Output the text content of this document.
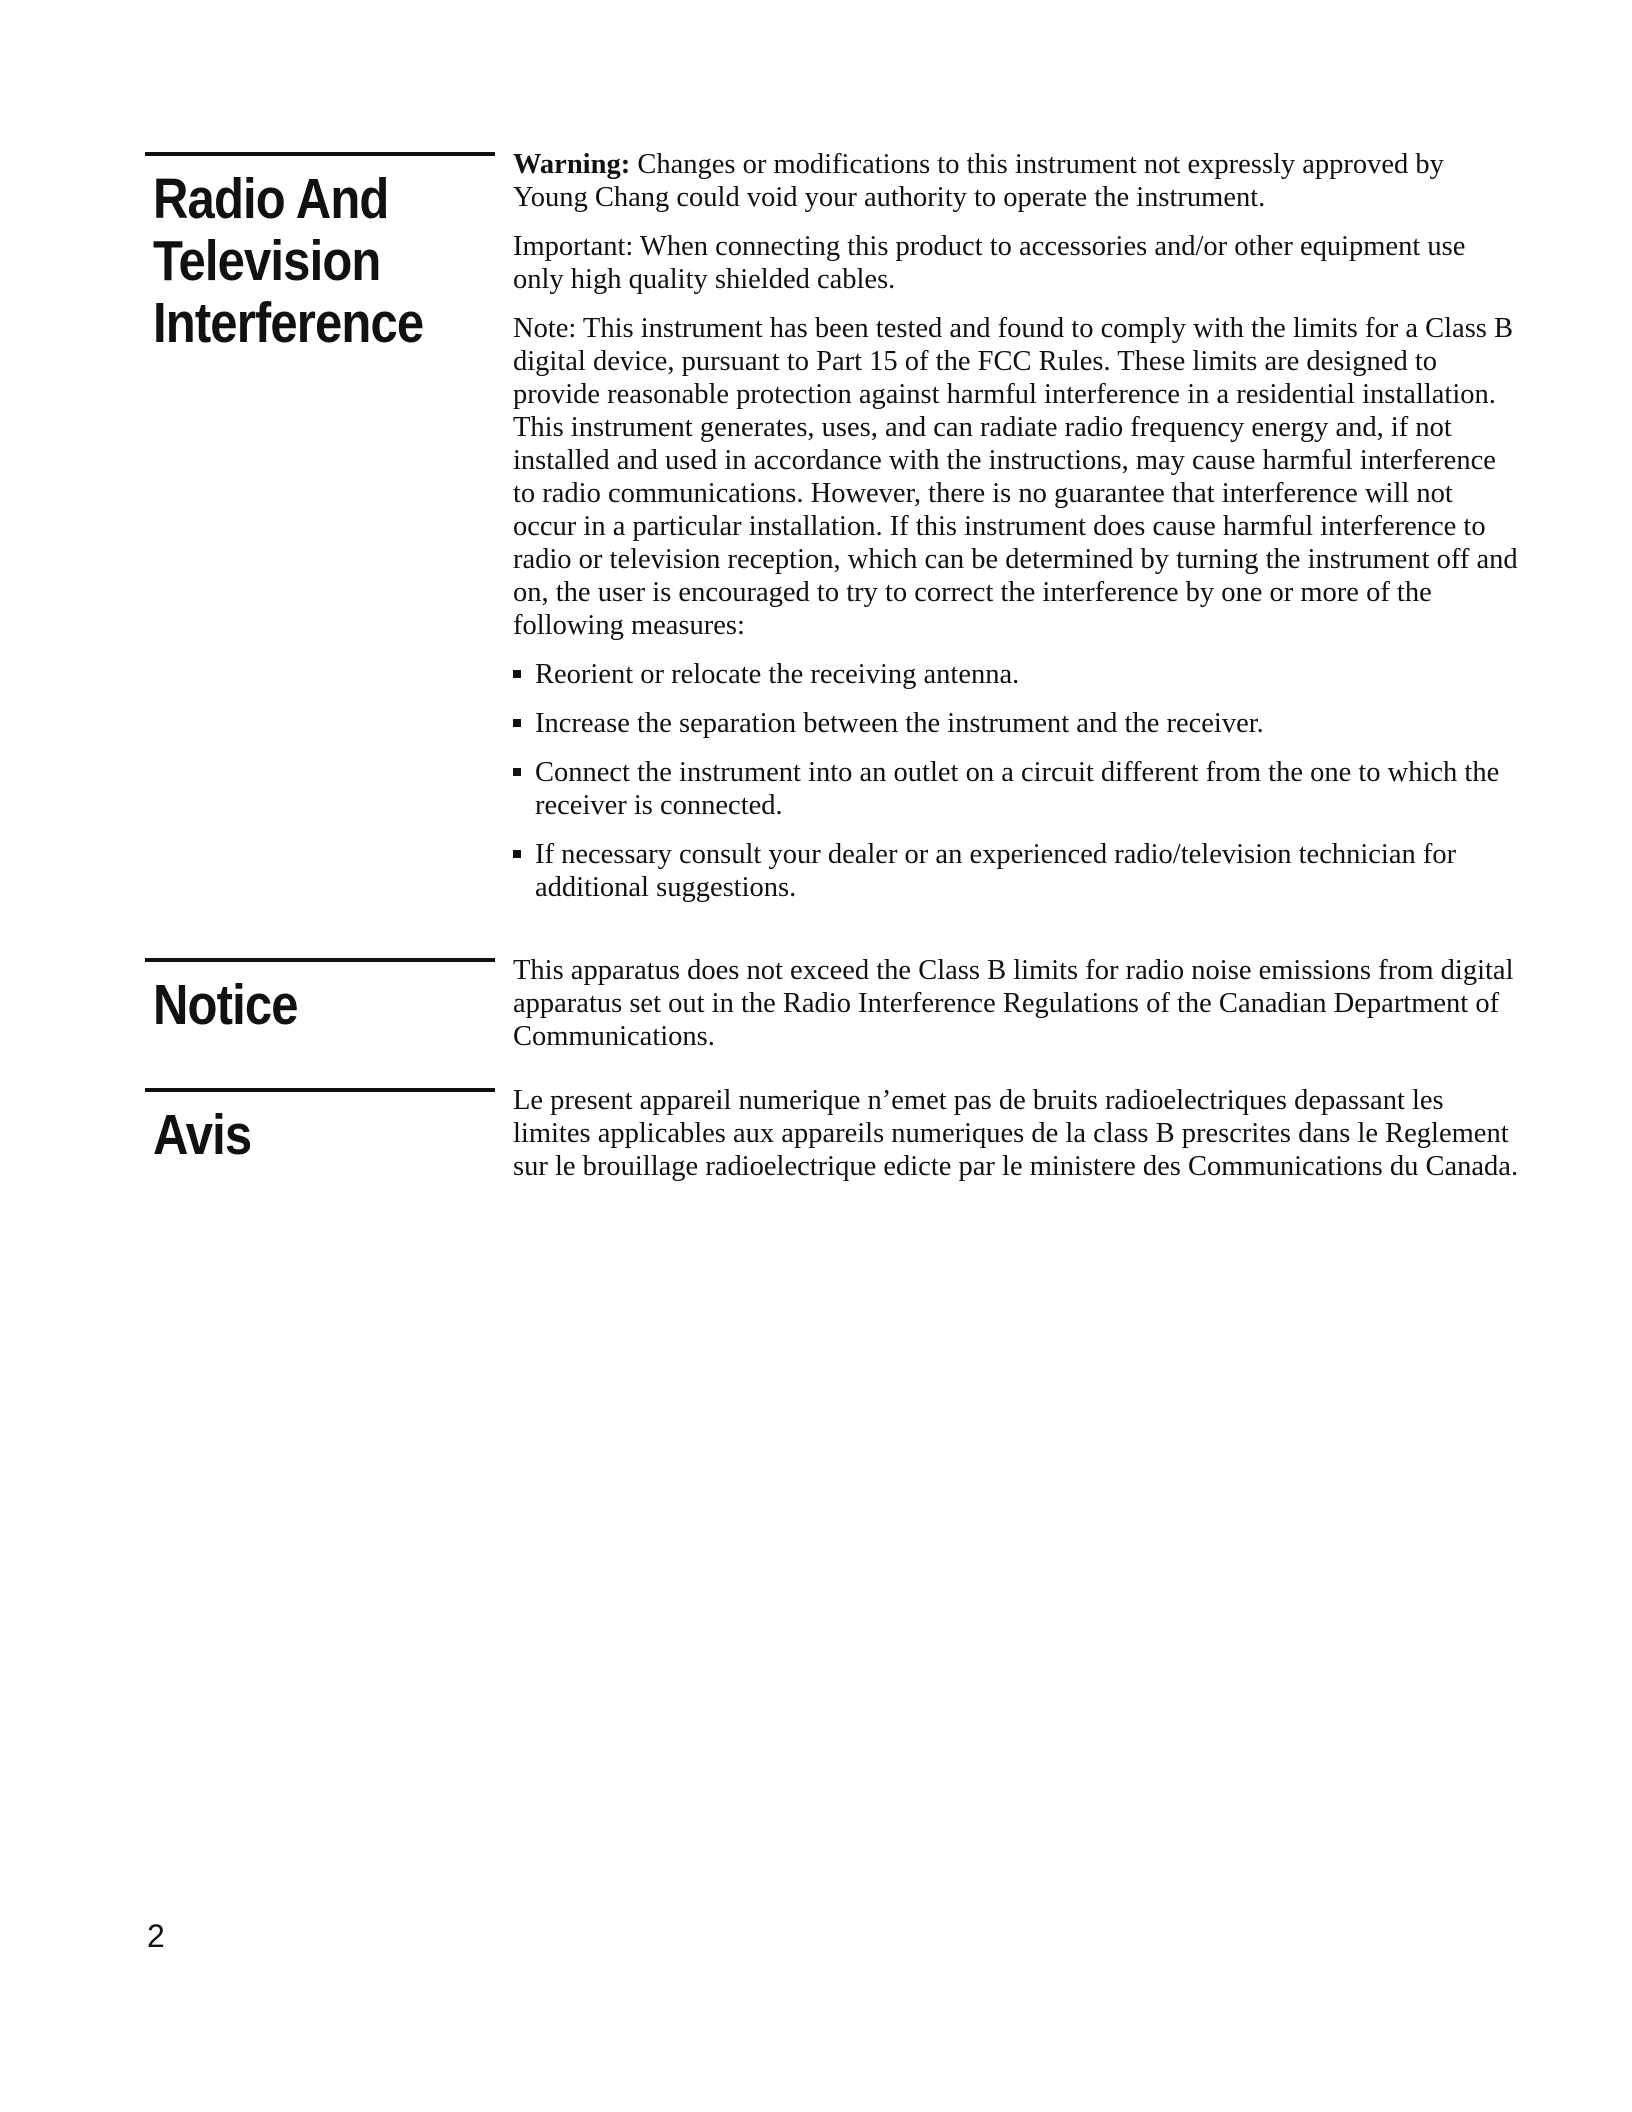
Radio And
Television
Interference

Warning: Changes or modifications to this instrument not expressly approved by Young Chang could void your authority to operate the instrument.

Important: When connecting this product to accessories and/or other equipment use only high quality shielded cables.

Note: This instrument has been tested and found to comply with the limits for a Class B digital device, pursuant to Part 15 of the FCC Rules. These limits are designed to provide reasonable protection against harmful interference in a residential installation. This instrument generates, uses, and can radiate radio frequency energy and, if not installed and used in accordance with the instructions, may cause harmful interference to radio communications. However, there is no guarantee that interference will not occur in a particular installation. If this instrument does cause harmful interference to radio or television reception, which can be determined by turning the instrument off and on, the user is encouraged to try to correct the interference by one or more of the following measures:

Reorient or relocate the receiving antenna.
Increase the separation between the instrument and the receiver.
Connect the instrument into an outlet on a circuit different from the one to which the receiver is connected.
If necessary consult your dealer or an experienced radio/television technician for additional suggestions.
Notice

This apparatus does not exceed the Class B limits for radio noise emissions from digital apparatus set out in the Radio Interference Regulations of the Canadian Department of Communications.

Avis

Le present appareil numerique n’emet pas de bruits radioelectriques depassant les limites applicables aux appareils numeriques de la class B prescrites dans le Reglement sur le brouillage radioelectrique edicte par le ministere des Communications du Canada.

2
